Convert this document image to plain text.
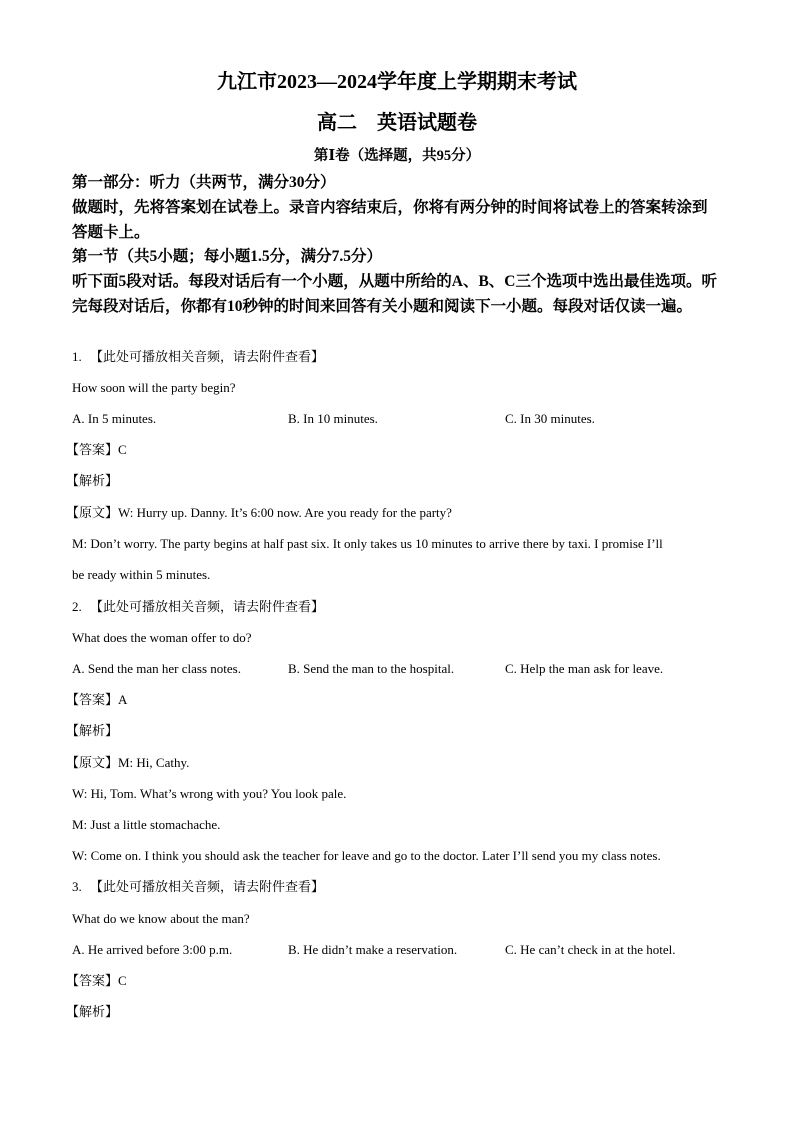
九江市2023—2024学年度上学期期末考试
高二 英语试题卷
第Ⅰ卷（选择题，共95分）
第一部分：听力（共两节，满分30分）
做题时，先将答案划在试卷上。录音内容结束后，你将有两分钟的时间将试卷上的答案转涂到答题卡上。
第一节（共5小题；每小题1.5分，满分7.5分）
听下面5段对话。每段对话后有一个小题，从题中所给的A、B、C三个选项中选出最佳选项。听完每段对话后，你都有10秒钟的时间来回答有关小题和阅读下一小题。每段对话仅读一遍。
1. 【此处可播放相关音频，请去附件查看】
How soon will the party begin?
A. In 5 minutes.	B. In 10 minutes.	C. In 30 minutes.
【答案】C
【解析】
【原文】W: Hurry up. Danny. It’s 6:00 now. Are you ready for the party?
M: Don’t worry. The party begins at half past six. It only takes us 10 minutes to arrive there by taxi. I promise I’ll
be ready within 5 minutes.
2. 【此处可播放相关音频，请去附件查看】
What does the woman offer to do?
A. Send the man her class notes.	B. Send the man to the hospital.	C. Help the man ask for leave.
【答案】A
【解析】
【原文】M: Hi, Cathy.
W: Hi, Tom. What’s wrong with you? You look pale.
M: Just a little stomachache.
W: Come on. I think you should ask the teacher for leave and go to the doctor. Later I’ll send you my class notes.
3. 【此处可播放相关音频，请去附件查看】
What do we know about the man?
A. He arrived before 3:00 p.m.	B. He didn’t make a reservation.	C. He can’t check in at the hotel.
【答案】C
【解析】
